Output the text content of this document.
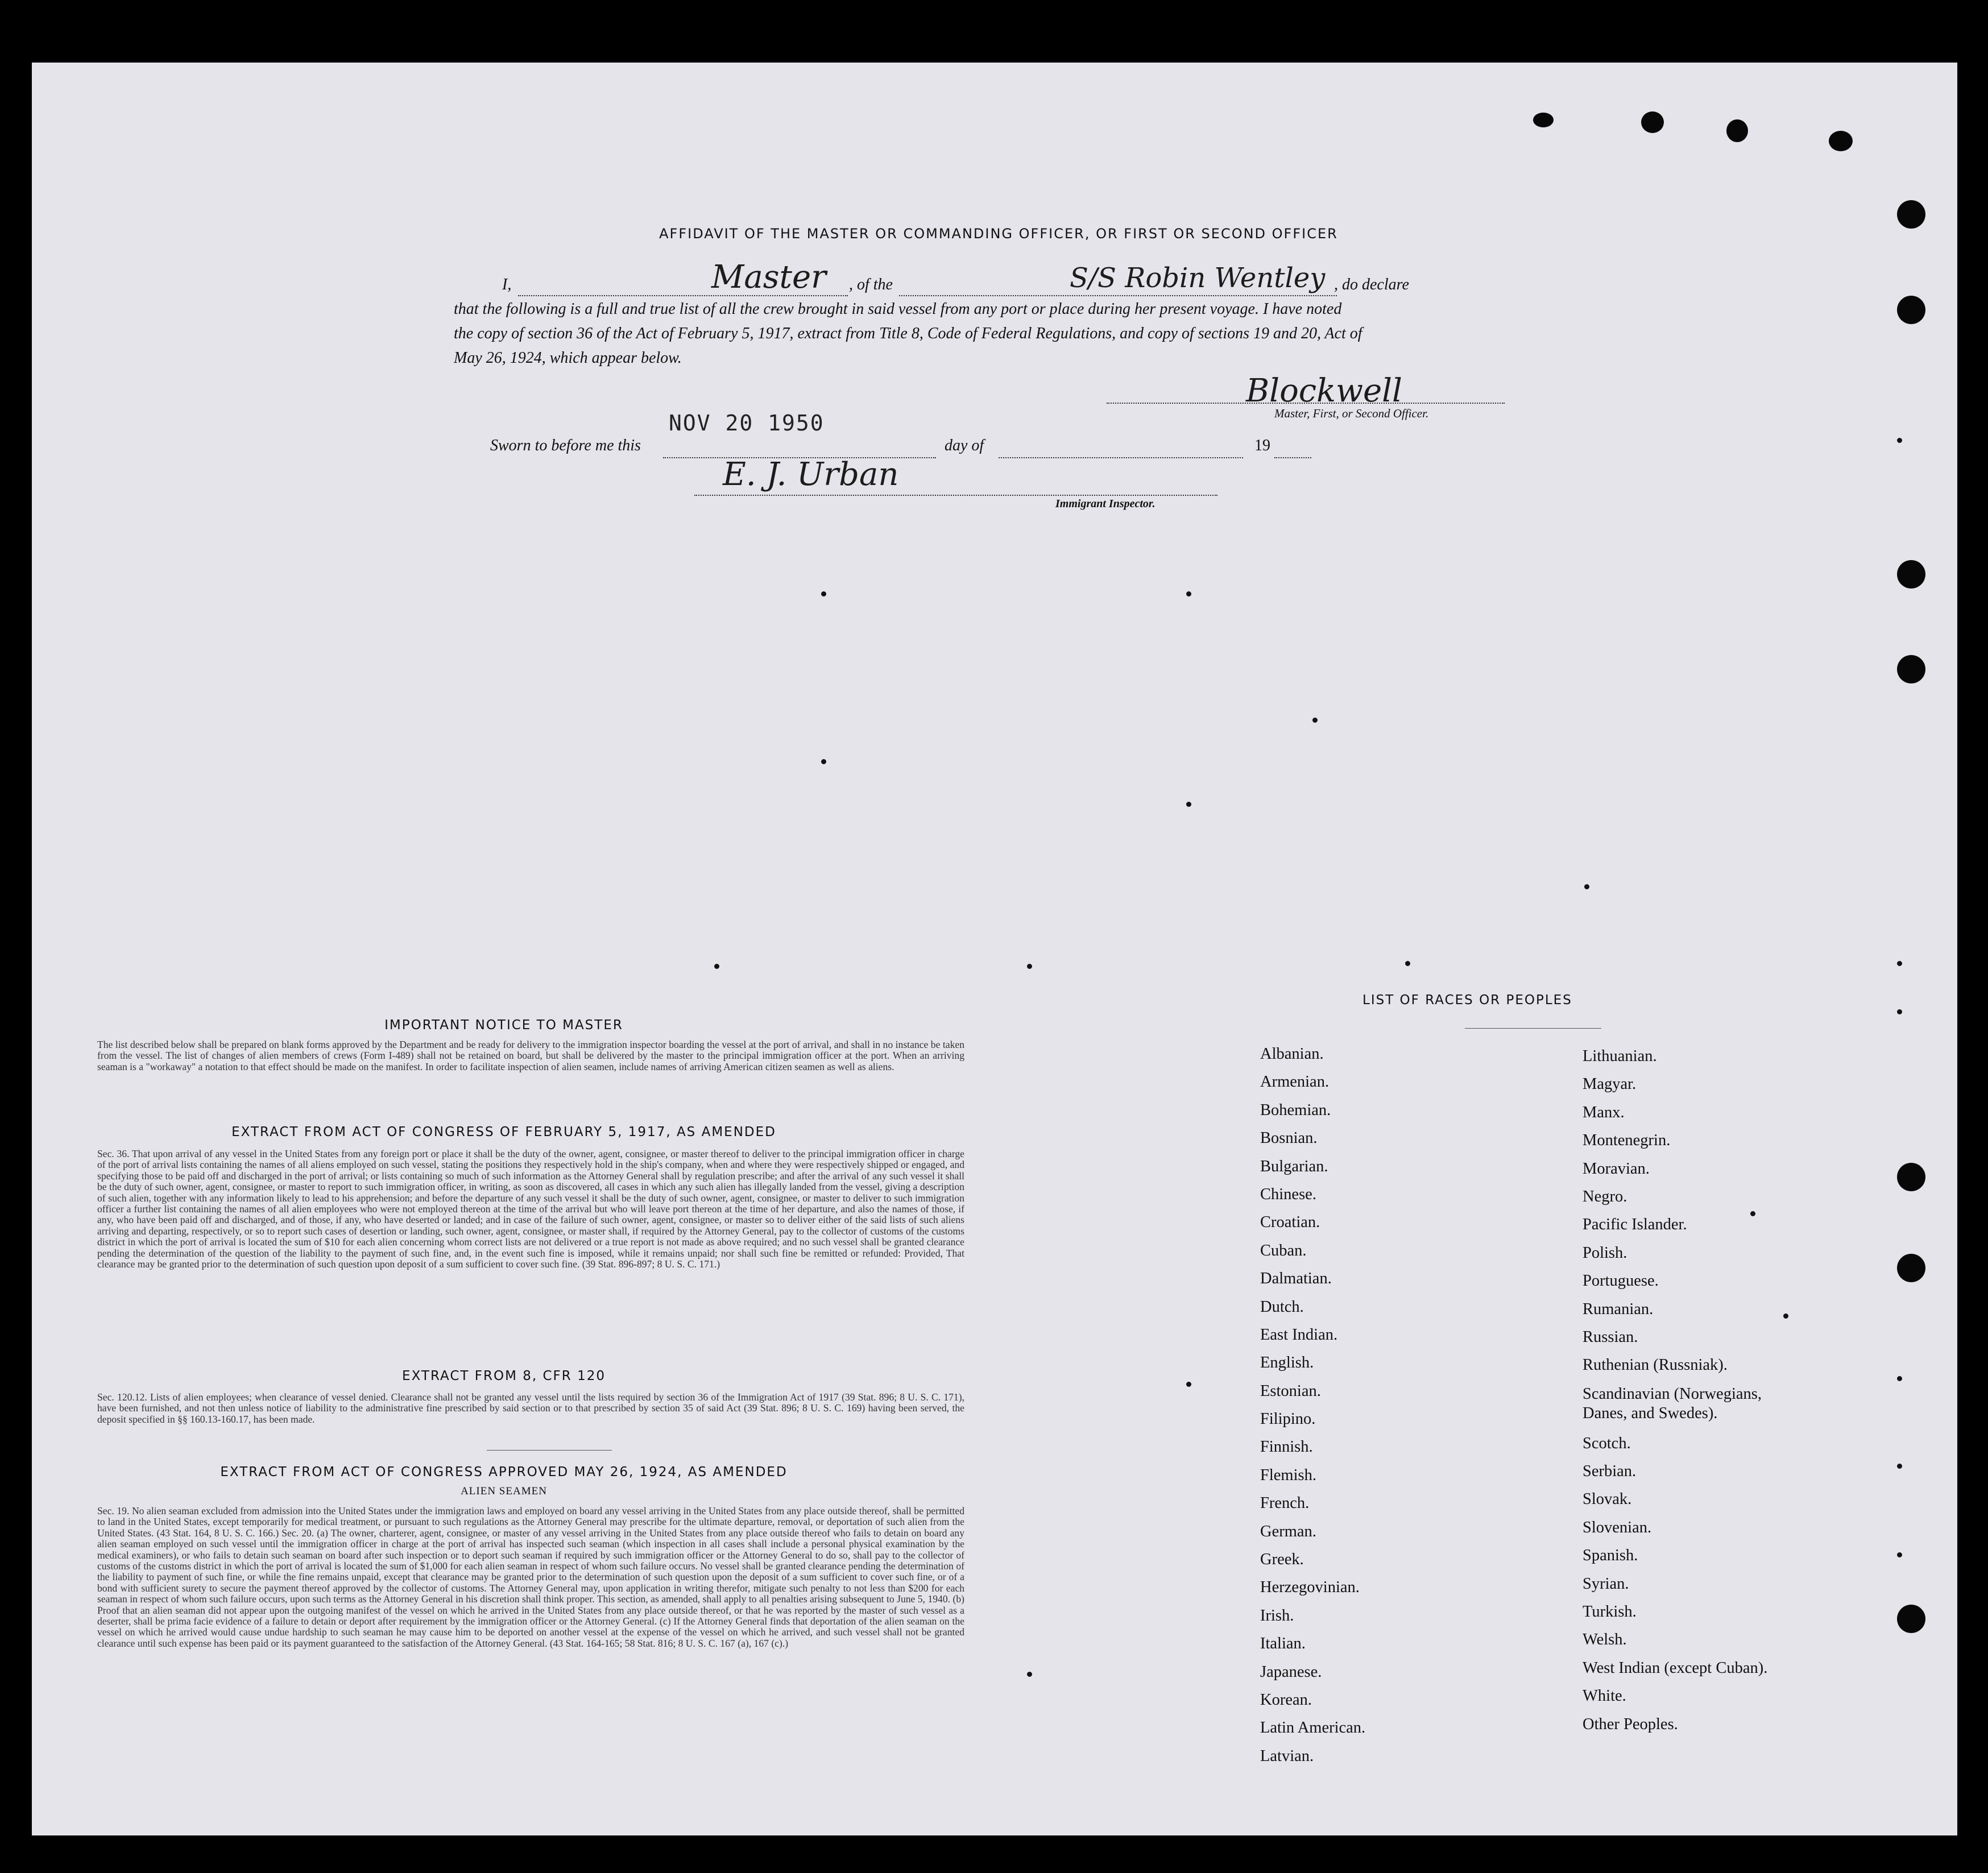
AFFIDAVIT OF THE MASTER OR COMMANDING OFFICER, OR FIRST OR SECOND OFFICER
I,	Master , of the	S/S Robin Wentley , do declare
that the following is a full and true list of all the crew brought in said vessel from any port or place during her present voyage. I have noted
the copy of section 36 of the Act of February 5, 1917, extract from Title 8, Code of Federal Regulations, and copy of sections 19 and 20, Act of
May 26, 1924, which appear below.
Blockwell
Master, First, or Second Officer.
Sworn to before me this
NOV 20 1950
day of	19
E. J. Urban
Immigrant Inspector.
IMPORTANT NOTICE TO MASTER
The list described below shall be prepared on blank forms approved by the Department and be ready for delivery to the immigration inspector boarding the vessel at the port of arrival, and shall in no instance be taken from the vessel. The list of changes of alien members of crews (Form I-489) shall not be retained on board, but shall be delivered by the master to the principal immigration officer at the port. When an arriving seaman is a "workaway" a notation to that effect should be made on the manifest. In order to facilitate inspection of alien seamen, include names of arriving American citizen seamen as well as aliens.
EXTRACT FROM ACT OF CONGRESS OF FEBRUARY 5, 1917, AS AMENDED
Sec. 36. That upon arrival of any vessel in the United States from any foreign port or place it shall be the duty of the owner, agent, consignee, or master thereof to deliver to the principal immigration officer in charge of the port of arrival lists containing the names of all aliens employed on such vessel, stating the positions they respectively hold in the ship's company, when and where they were respectively shipped or engaged, and specifying those to be paid off and discharged in the port of arrival; or lists containing so much of such information as the Attorney General shall by regulation prescribe; and after the arrival of any such vessel it shall be the duty of such owner, agent, consignee, or master to report to such immigration officer, in writing, as soon as discovered, all cases in which any such alien has illegally landed from the vessel, giving a description of such alien, together with any information likely to lead to his apprehension; and before the departure of any such vessel it shall be the duty of such owner, agent, consignee, or master to deliver to such immigration officer a further list containing the names of all alien employees who were not employed thereon at the time of the arrival but who will leave port thereon at the time of her departure, and also the names of those, if any, who have been paid off and discharged, and of those, if any, who have deserted or landed; and in case of the failure of such owner, agent, consignee, or master so to deliver either of the said lists of such aliens arriving and departing, respectively, or so to report such cases of desertion or landing, such owner, agent, consignee, or master shall, if required by the Attorney General, pay to the collector of customs of the customs district in which the port of arrival is located the sum of $10 for each alien concerning whom correct lists are not delivered or a true report is not made as above required; and no such vessel shall be granted clearance pending the determination of the question of the liability to the payment of such fine, and, in the event such fine is imposed, while it remains unpaid; nor shall such fine be remitted or refunded: Provided, That clearance may be granted prior to the determination of such question upon deposit of a sum sufficient to cover such fine. (39 Stat. 896-897; 8 U. S. C. 171.)
EXTRACT FROM 8, CFR 120
Sec. 120.12. Lists of alien employees; when clearance of vessel denied. Clearance shall not be granted any vessel until the lists required by section 36 of the Immigration Act of 1917 (39 Stat. 896; 8 U. S. C. 171), have been furnished, and not then unless notice of liability to the administrative fine prescribed by said section or to that prescribed by section 35 of said Act (39 Stat. 896; 8 U. S. C. 169) having been served, the deposit specified in §§ 160.13-160.17, has been made.
EXTRACT FROM ACT OF CONGRESS APPROVED MAY 26, 1924, AS AMENDED
ALIEN SEAMEN
Sec. 19. No alien seaman excluded from admission into the United States under the immigration laws and employed on board any vessel arriving in the United States from any place outside thereof, shall be permitted to land in the United States, except temporarily for medical treatment, or pursuant to such regulations as the Attorney General may prescribe for the ultimate departure, removal, or deportation of such alien from the United States. (43 Stat. 164, 8 U. S. C. 166.) Sec. 20. (a) The owner, charterer, agent, consignee, or master of any vessel arriving in the United States from any place outside thereof who fails to detain on board any alien seaman employed on such vessel until the immigration officer in charge at the port of arrival has inspected such seaman (which inspection in all cases shall include a personal physical examination by the medical examiners), or who fails to detain such seaman on board after such inspection or to deport such seaman if required by such immigration officer or the Attorney General to do so, shall pay to the collector of customs of the customs district in which the port of arrival is located the sum of $1,000 for each alien seaman in respect of whom such failure occurs. No vessel shall be granted clearance pending the determination of the liability to payment of such fine, or while the fine remains unpaid, except that clearance may be granted prior to the determination of such question upon the deposit of a sum sufficient to cover such fine, or of a bond with sufficient surety to secure the payment thereof approved by the collector of customs. The Attorney General may, upon application in writing therefor, mitigate such penalty to not less than $200 for each seaman in respect of whom such failure occurs, upon such terms as the Attorney General in his discretion shall think proper. This section, as amended, shall apply to all penalties arising subsequent to June 5, 1940. (b) Proof that an alien seaman did not appear upon the outgoing manifest of the vessel on which he arrived in the United States from any place outside thereof, or that he was reported by the master of such vessel as a deserter, shall be prima facie evidence of a failure to detain or deport after requirement by the immigration officer or the Attorney General. (c) If the Attorney General finds that deportation of the alien seaman on the vessel on which he arrived would cause undue hardship to such seaman he may cause him to be deported on another vessel at the expense of the vessel on which he arrived, and such vessel shall not be granted clearance until such expense has been paid or its payment guaranteed to the satisfaction of the Attorney General. (43 Stat. 164-165; 58 Stat. 816; 8 U. S. C. 167 (a), 167 (c).)
LIST OF RACES OR PEOPLES
Albanian.
Armenian.
Bohemian.
Bosnian.
Bulgarian.
Chinese.
Croatian.
Cuban.
Dalmatian.
Dutch.
East Indian.
English.
Estonian.
Filipino.
Finnish.
Flemish.
French.
German.
Greek.
Herzegovinian.
Irish.
Italian.
Japanese.
Korean.
Latin American.
Latvian.
Lithuanian.
Magyar.
Manx.
Montenegrin.
Moravian.
Negro.
Pacific Islander.
Polish.
Portuguese.
Rumanian.
Russian.
Ruthenian (Russniak).
Scandinavian (Norwegians, Danes, and Swedes).
Scotch.
Serbian.
Slovak.
Slovenian.
Spanish.
Syrian.
Turkish.
Welsh.
West Indian (except Cuban).
White.
Other Peoples.
